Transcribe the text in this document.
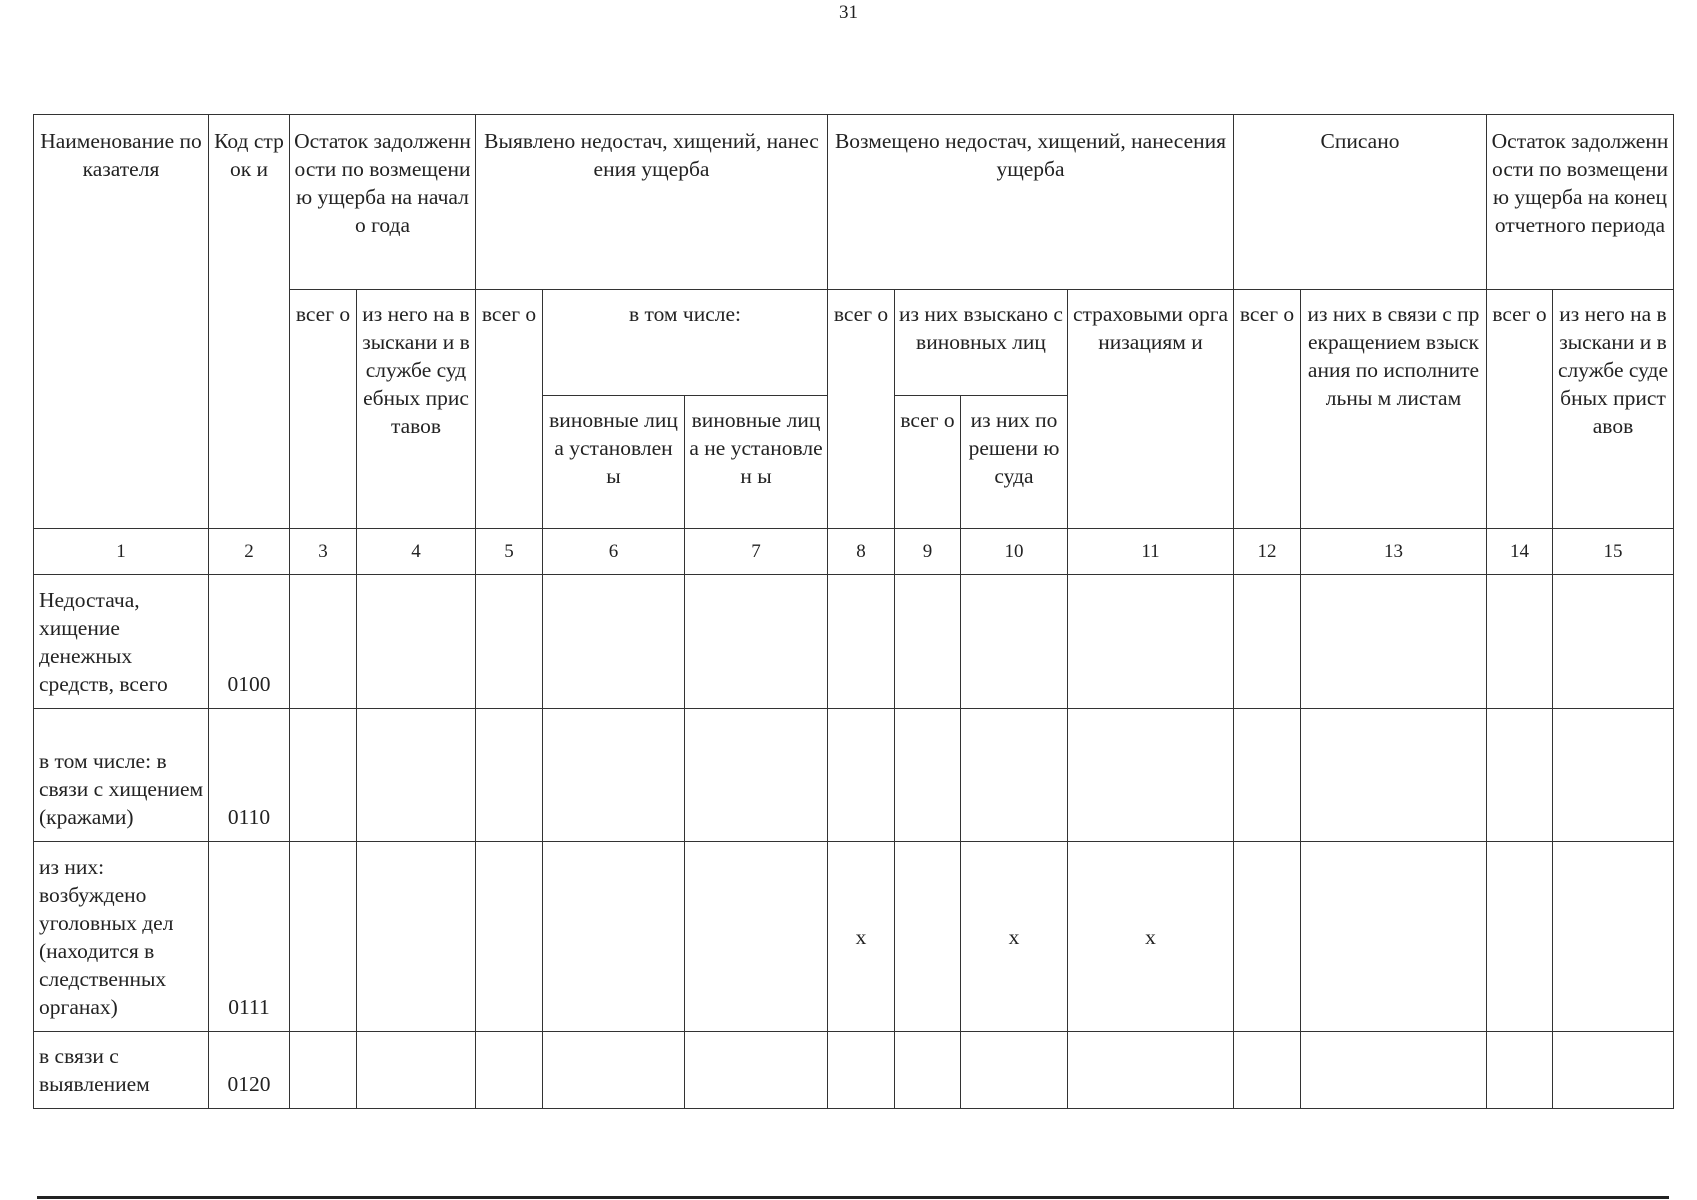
31
Наименование показателя	Код строк и	Остаток задолженности по возмещению ущерба на начало года		Выявлено недостач, хищений, нанесения ущерба			Возмещено недостач, хищений, нанесения ущерба				Списано		Остаток задолженности по возмещению ущерба на конец отчетного периода	
		всег о	из него на взыскани и в службе судебных приставов	всег о	в том числе:		всег о	из них взыскано с виновных лиц		страховыми организациям и	всег о	из них в связи с прекращением взыскания по исполнительны м листам	всег о	из него на взыскани и в службе судебных приставов
					виновные лица установлен ы	виновные лица не установлен ы		всег о	из них по решени ю суда					
1	2	3	4	5	6	7	8	9	10	11	12	13	14	15
Недостача, хищение денежных средств, всего	0100													
в том числе: в связи с хищением (кражами)	0110													
из них: возбуждено уголовных дел (находится в следственных органах)	0111						х		х	х				
в связи с выявлением	0120													
